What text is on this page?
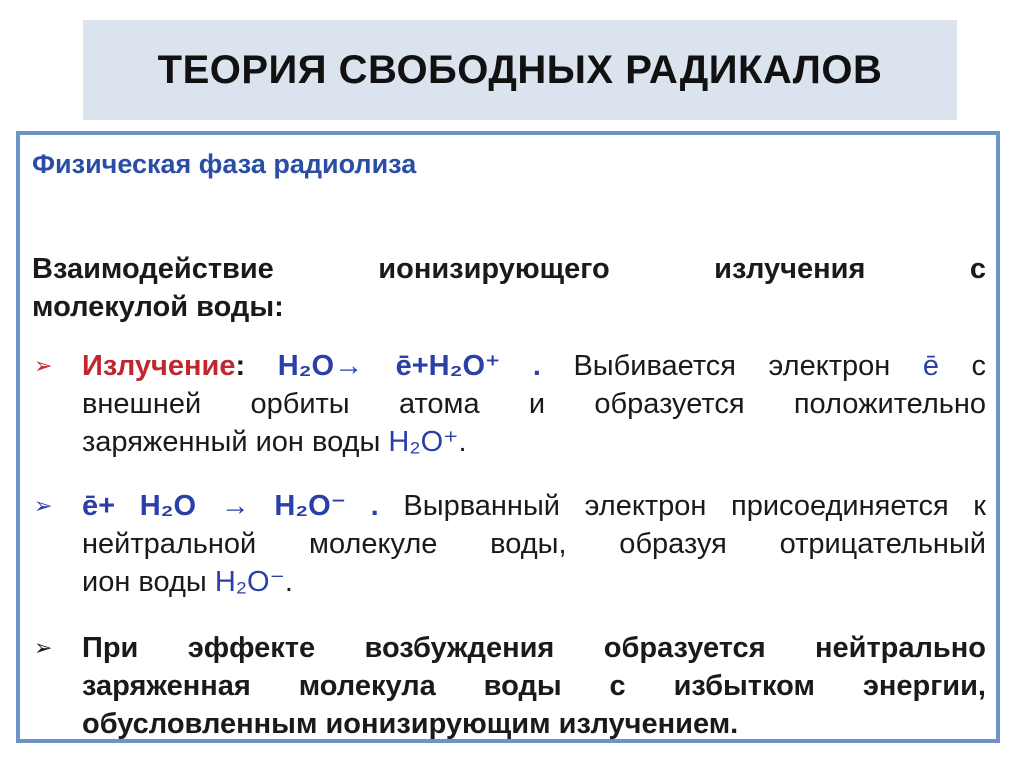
ТЕОРИЯ СВОБОДНЫХ РАДИКАЛОВ
Физическая фаза радиолиза
Взаимодействие ионизирующего излучения с
молекулой воды:
➢ Излучение: H₂O→ ē+H₂O⁺ . Выбивается электрон ē с
внешней орбиты атома и образуется положительно
заряженный ион воды H₂O⁺.
➢ ē+ H₂O → H₂O⁻ . Вырванный электрон присоединяется к
нейтральной молекуле воды, образуя отрицательный
ион воды H₂O⁻.
➢ При эффекте возбуждения образуется нейтрально
заряженная молекула воды с избытком энергии,
обусловленным ионизирующим излучением.
